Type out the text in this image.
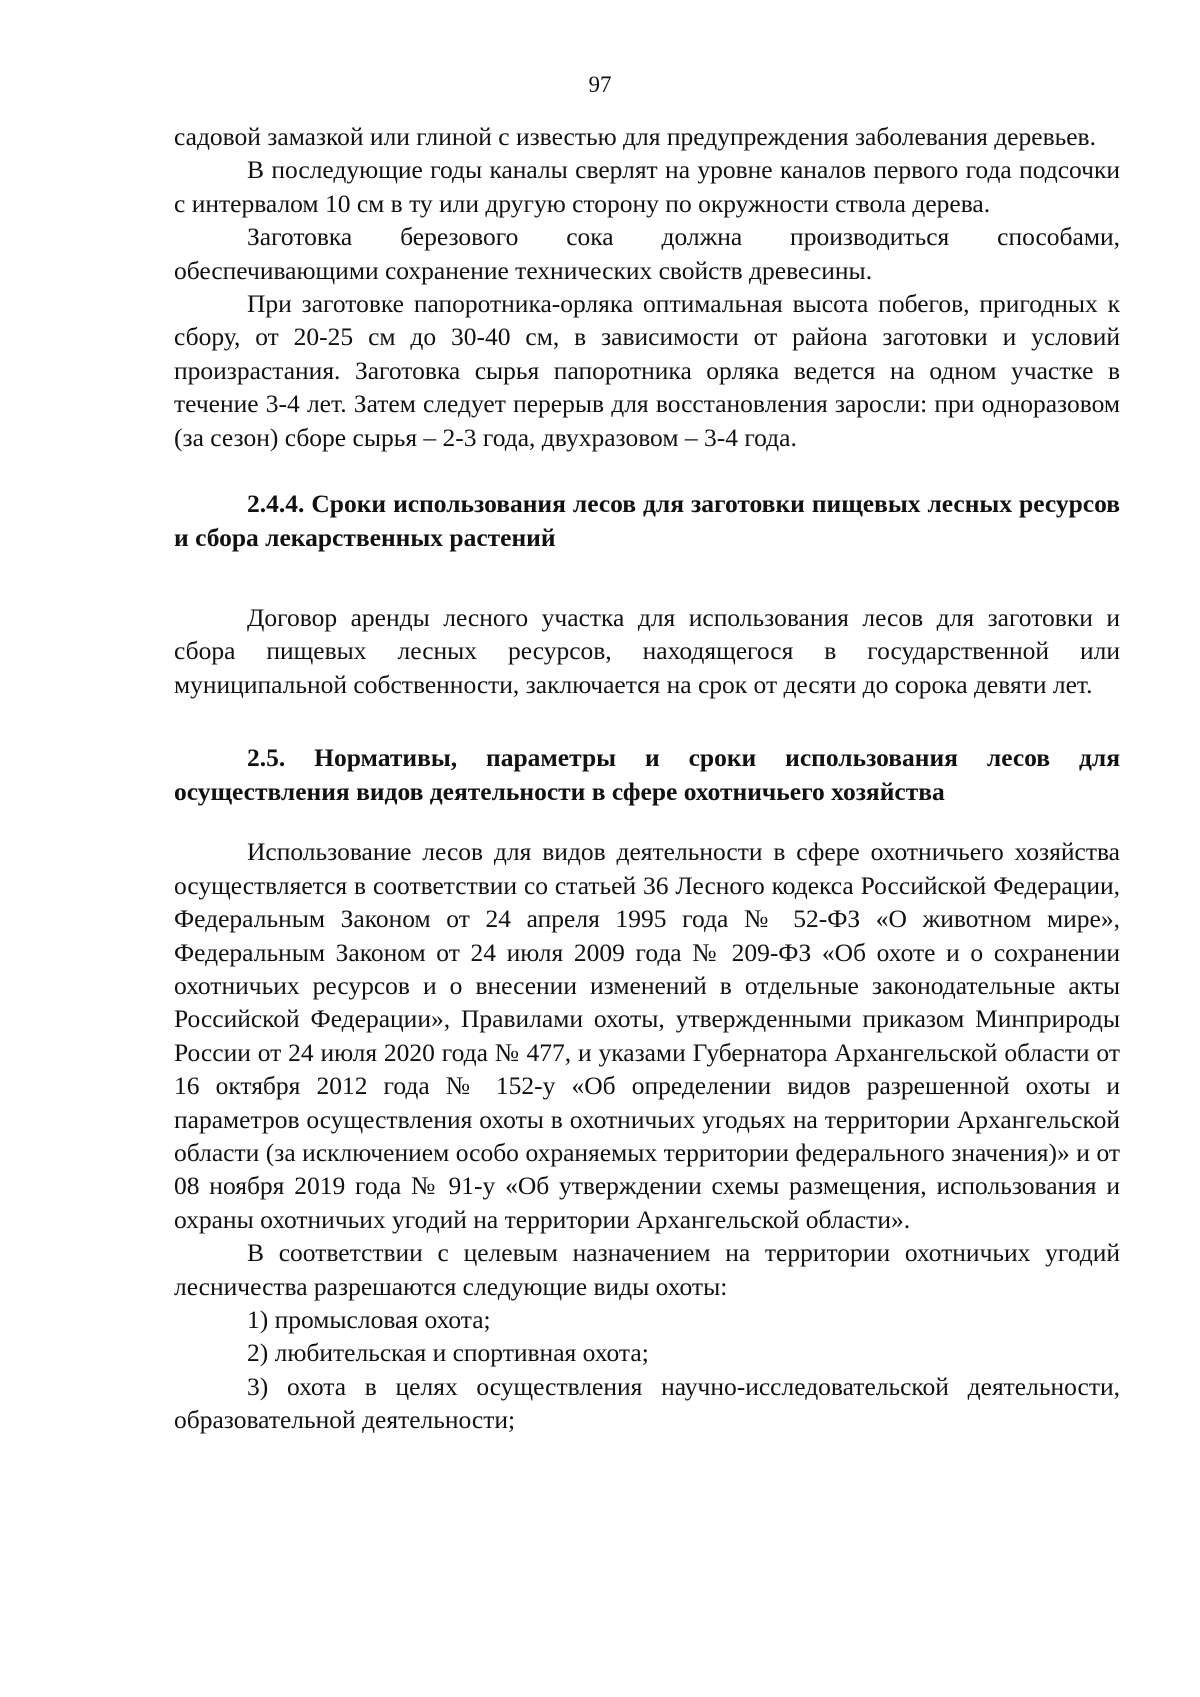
97

садовой замазкой или глиной с известью для предупреждения заболевания деревьев.

В последующие годы каналы сверлят на уровне каналов первого года подсочки с интервалом 10 см в ту или другую сторону по окружности ствола дерева.

Заготовка березового сока должна производиться способами, обеспечивающими сохранение технических свойств древесины.

При заготовке папоротника-орляка оптимальная высота побегов, пригодных к сбору, от 20-25 см до 30-40 см, в зависимости от района заготовки и условий произрастания. Заготовка сырья папоротника орляка ведется на одном участке в течение 3-4 лет. Затем следует перерыв для восстановления заросли: при одноразовом (за сезон) сборе сырья – 2-3 года, двухразовом – 3-4 года.

2.4.4. Сроки использования лесов для заготовки пищевых лесных ресурсов и сбора лекарственных растений

Договор аренды лесного участка для использования лесов для заготовки и сбора пищевых лесных ресурсов, находящегося в государственной или муниципальной собственности, заключается на срок от десяти до сорока девяти лет.

2.5. Нормативы, параметры и сроки использования лесов для осуществления видов деятельности в сфере охотничьего хозяйства

Использование лесов для видов деятельности в сфере охотничьего хозяйства осуществляется в соответствии со статьей 36 Лесного кодекса Российской Федерации, Федеральным Законом от 24 апреля 1995 года № 52-ФЗ «О животном мире», Федеральным Законом от 24 июля 2009 года № 209-ФЗ «Об охоте и о сохранении охотничьих ресурсов и о внесении изменений в отдельные законодательные акты Российской Федерации», Правилами охоты, утвержденными приказом Минприроды России от 24 июля 2020 года № 477, и указами Губернатора Архангельской области от 16 октября 2012 года № 152-у «Об определении видов разрешенной охоты и параметров осуществления охоты в охотничьих угодьях на территории Архангельской области (за исключением особо охраняемых территории федерального значения)» и от 08 ноября 2019 года № 91-у «Об утверждении схемы размещения, использования и охраны охотничьих угодий на территории Архангельской области».

В соответствии с целевым назначением на территории охотничьих угодий лесничества разрешаются следующие виды охоты:

1) промысловая охота;

2) любительская и спортивная охота;

3) охота в целях осуществления научно-исследовательской деятельности, образовательной деятельности;
